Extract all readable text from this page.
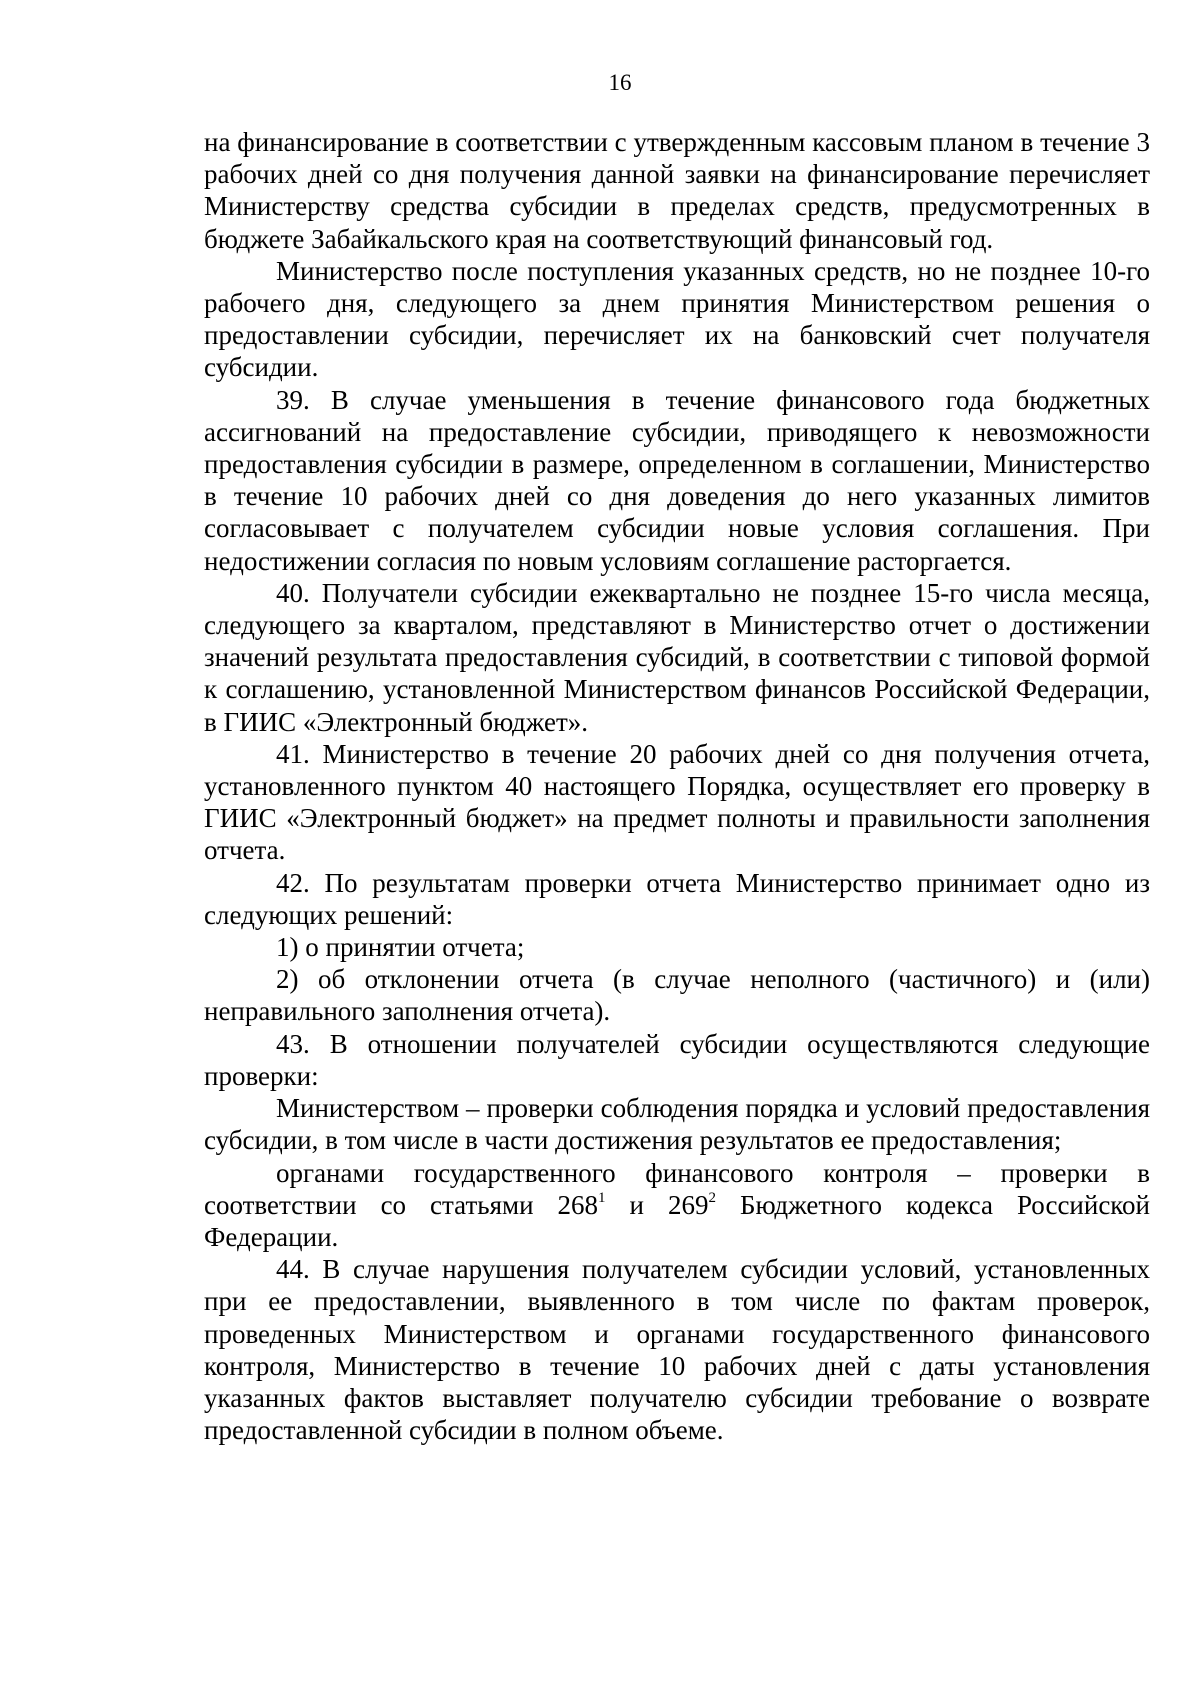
16

на финансирование в соответствии с утвержденным кассовым планом в течение 3 рабочих дней со дня получения данной заявки на финансирование перечисляет Министерству средства субсидии в пределах средств, предусмотренных в бюджете Забайкальского края на соответствующий финансовый год.

Министерство после поступления указанных средств, но не позднее 10-го рабочего дня, следующего за днем принятия Министерством решения о предоставлении субсидии, перечисляет их на банковский счет получателя субсидии.

39. В случае уменьшения в течение финансового года бюджетных ассигнований на предоставление субсидии, приводящего к невозможности предоставления субсидии в размере, определенном в соглашении, Министерство в течение 10 рабочих дней со дня доведения до него указанных лимитов согласовывает с получателем субсидии новые условия соглашения. При недостижении согласия по новым условиям соглашение расторгается.

40. Получатели субсидии ежеквартально не позднее 15-го числа месяца, следующего за кварталом, представляют в Министерство отчет о достижении значений результата предоставления субсидий, в соответствии с типовой формой к соглашению, установленной Министерством финансов Российской Федерации, в ГИИС «Электронный бюджет».

41. Министерство в течение 20 рабочих дней со дня получения отчета, установленного пунктом 40 настоящего Порядка, осуществляет его проверку в ГИИС «Электронный бюджет» на предмет полноты и правильности заполнения отчета.

42. По результатам проверки отчета Министерство принимает одно из следующих решений:

1) о принятии отчета;

2) об отклонении отчета (в случае неполного (частичного) и (или) неправильного заполнения отчета).

43. В отношении получателей субсидии осуществляются следующие проверки:

Министерством – проверки соблюдения порядка и условий предоставления субсидии, в том числе в части достижения результатов ее предоставления;

органами государственного финансового контроля – проверки в соответствии со статьями $268^1$ и $269^2$ Бюджетного кодекса Российской Федерации.

44. В случае нарушения получателем субсидии условий, установленных при ее предоставлении, выявленного в том числе по фактам проверок, проведенных Министерством и органами государственного финансового контроля, Министерство в течение 10 рабочих дней с даты установления указанных фактов выставляет получателю субсидии требование о возврате предоставленной субсидии в полном объеме.
